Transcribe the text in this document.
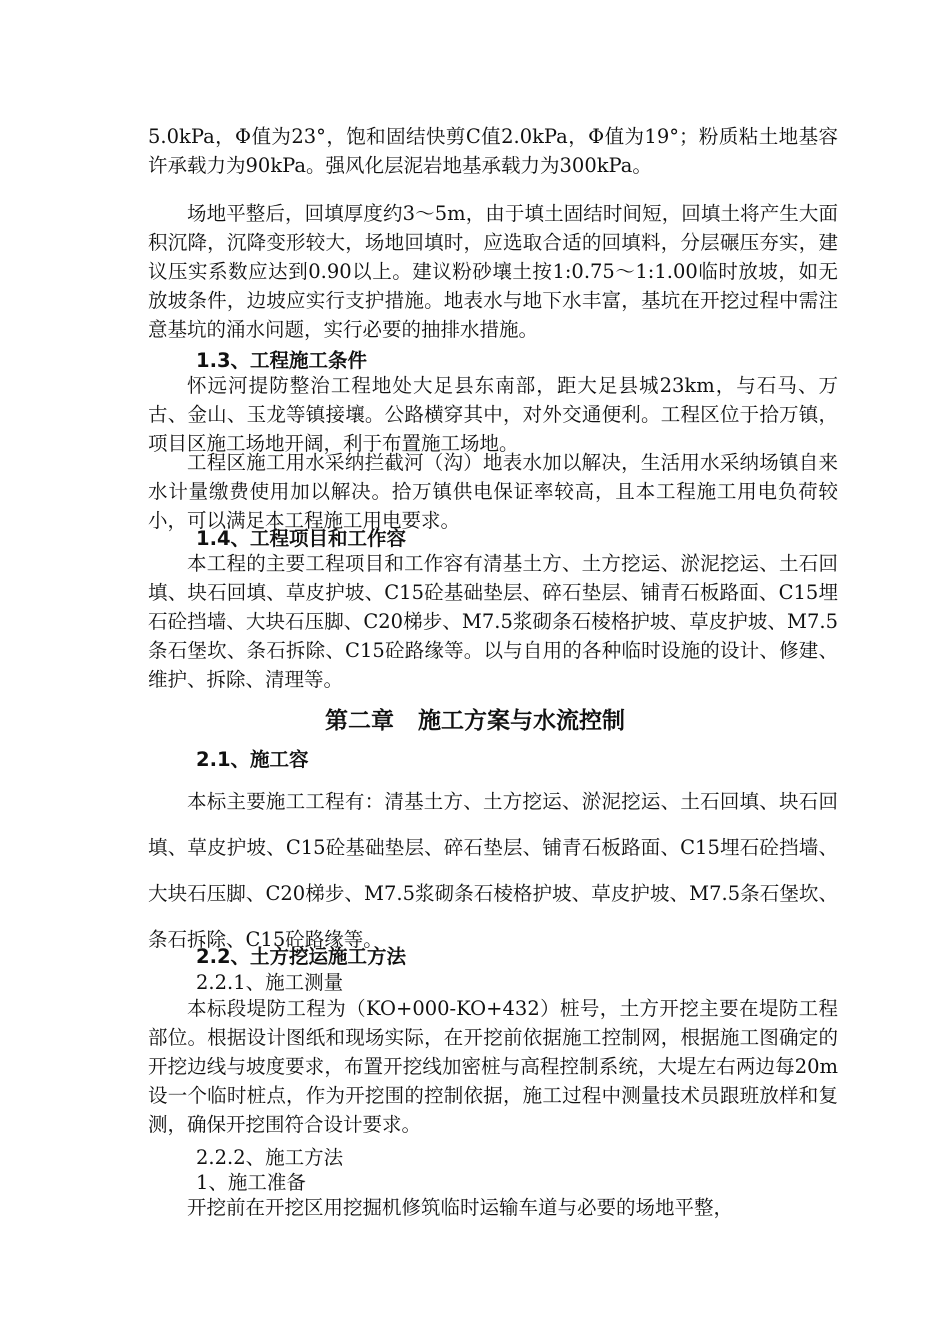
5.0kPa，Φ值为23°，饱和固结快剪C值2.0kPa，Φ值为19°；粉质粘土地基容许承载力为90kPa。强风化层泥岩地基承载力为300kPa。

场地平整后，回填厚度约3～5m，由于填土固结时间短，回填土将产生大面积沉降，沉降变形较大，场地回填时，应选取合适的回填料，分层碾压夯实，建议压实系数应达到0.90以上。建议粉砂壤土按1:0.75～1:1.00临时放坡，如无放坡条件，边坡应实行支护措施。地表水与地下水丰富，基坑在开挖过程中需注意基坑的涌水问题，实行必要的抽排水措施。

1.3、工程施工条件

怀远河提防整治工程地处大足县东南部，距大足县城23km，与石马、万古、金山、玉龙等镇接壤。公路横穿其中，对外交通便利。工程区位于拾万镇，项目区施工场地开阔，利于布置施工场地。

工程区施工用水采纳拦截河（沟）地表水加以解决，生活用水采纳场镇自来水计量缴费使用加以解决。拾万镇供电保证率较高，且本工程施工用电负荷较小，可以满足本工程施工用电要求。

1.4、工程项目和工作容

本工程的主要工程项目和工作容有清基土方、土方挖运、淤泥挖运、土石回填、块石回填、草皮护坡、C15砼基础垫层、碎石垫层、铺青石板路面、C15埋石砼挡墙、大块石压脚、C20梯步、M7.5浆砌条石棱格护坡、草皮护坡、M7.5条石堡坎、条石拆除、C15砼路缘等。以与自用的各种临时设施的设计、修建、维护、拆除、清理等。

第二章   施工方案与水流控制
2.1、施工容

本标主要施工工程有：清基土方、土方挖运、淤泥挖运、土石回填、块石回填、草皮护坡、C15砼基础垫层、碎石垫层、铺青石板路面、C15埋石砼挡墙、大块石压脚、C20梯步、M7.5浆砌条石棱格护坡、草皮护坡、M7.5条石堡坎、条石拆除、C15砼路缘等。

2.2、土方挖运施工方法
2.2.1、施工测量

本标段堤防工程为（KO+000-KO+432）桩号，土方开挖主要在堤防工程部位。根据设计图纸和现场实际，在开挖前依据施工控制网，根据施工图确定的开挖边线与坡度要求，布置开挖线加密桩与高程控制系统，大堤左右两边每20m设一个临时桩点，作为开挖围的控制依据，施工过程中测量技术员跟班放样和复测，确保开挖围符合设计要求。

2.2.2、施工方法
1、施工准备

开挖前在开挖区用挖掘机修筑临时运输车道与必要的场地平整，
